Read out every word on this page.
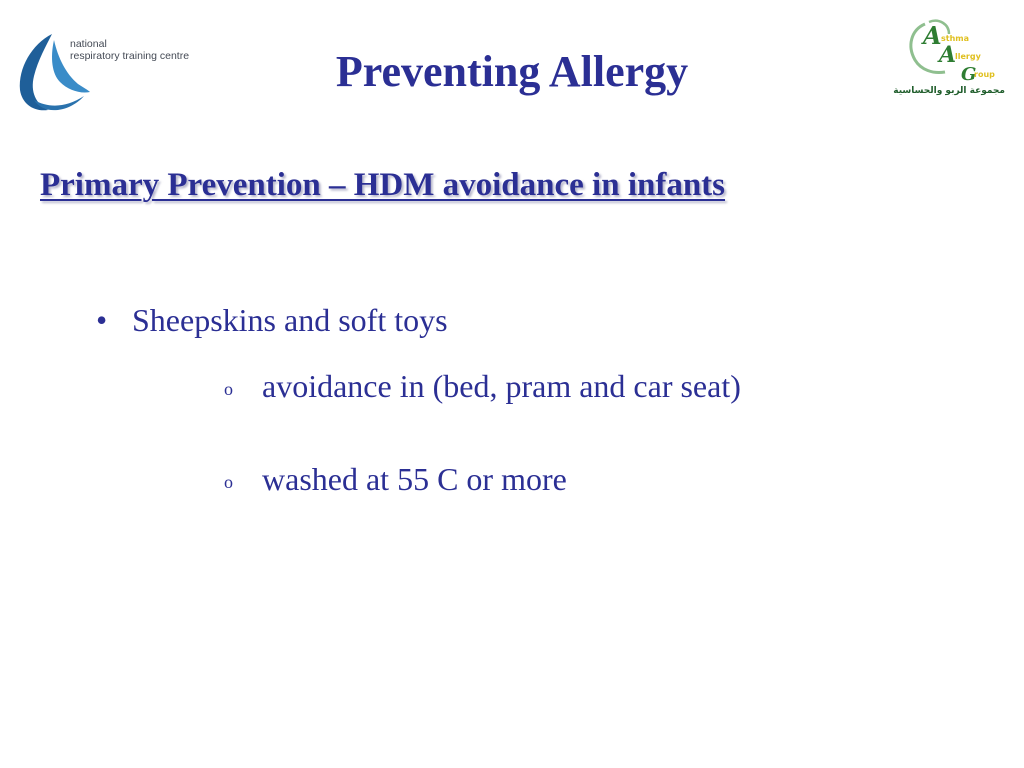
national
respiratory training centre
A sthma
A
llergy
G
roup
مجموعة الربو والحساسية
Preventing Allergy
Primary Prevention – HDM avoidance in infants
• Sheepskins and soft toys
o avoidance in (bed, pram and car seat)
o washed at 55 C or more
